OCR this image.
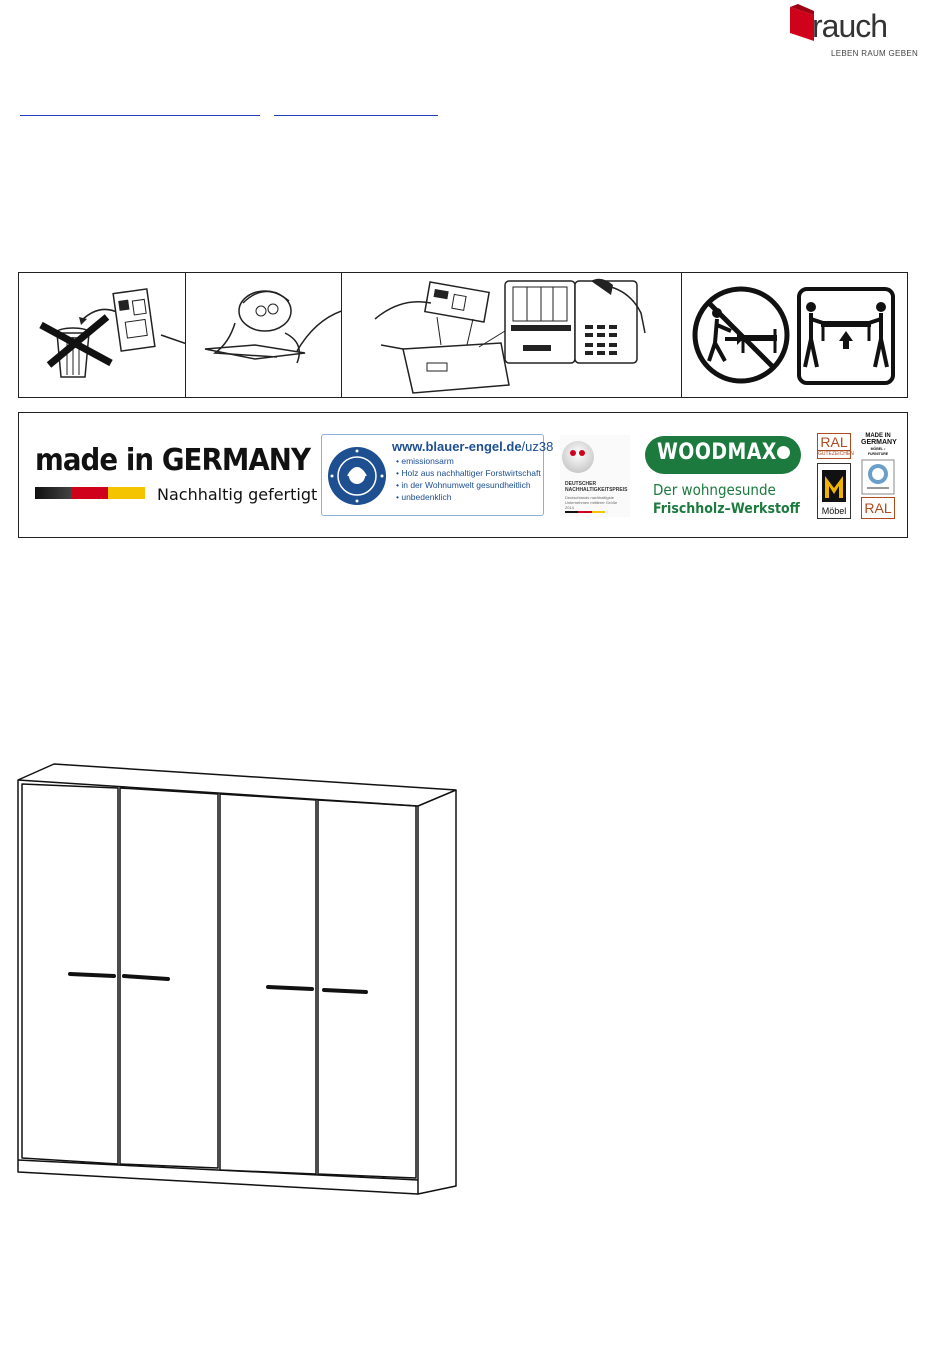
rauch
LEBEN RAUM GEBEN
made in GERMANY
Nachhaltig gefertigt
www.blauer-engel.de/uz38
• emissionsarm
• Holz aus nachhaltiger Forstwirtschaft
• in der Wohnumwelt gesundheitlich
• unbedenklich
DEUTSCHER NACHHALTIGKEITSPREIS
Deutschlands nachhaltigste Unternehmen mittlerer Größe 2014
WOODMAX
Der wohngesunde
Frischholz–Werkstoff
RAL
GÜTEZEICHEN
Möbel
MADE IN
GERMANY
MÖBEL • FURNITURE
RAL
